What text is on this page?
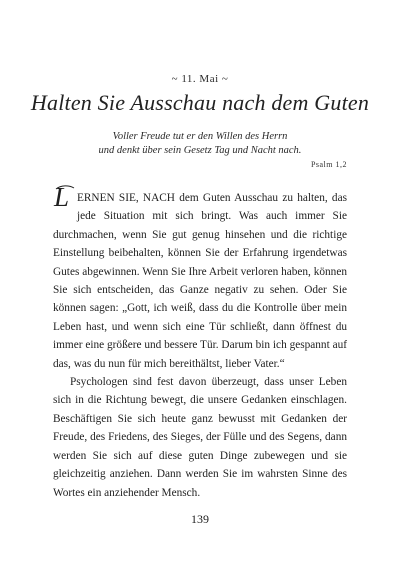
~ 11. Mai ~
Halten Sie Ausschau nach dem Guten
Voller Freude tut er den Willen des Herrn
und denkt über sein Gesetz Tag und Nacht nach.
Psalm 1,2

L ERNEN SIE, NACH dem Guten Ausschau zu halten, das jede Situation mit sich bringt. Was auch immer Sie durchmachen, wenn Sie gut genug hinsehen und die richtige Einstellung beibehalten, können Sie der Erfahrung irgendetwas Gutes abgewinnen. Wenn Sie Ihre Arbeit verloren haben, können Sie sich entscheiden, das Ganze negativ zu sehen. Oder Sie können sagen: „Gott, ich weiß, dass du die Kontrolle über mein Leben hast, und wenn sich eine Tür schließt, dann öffnest du immer eine größere und bessere Tür. Darum bin ich gespannt auf das, was du nun für mich bereithältst, lieber Vater.“

Psychologen sind fest davon überzeugt, dass unser Leben sich in die Richtung bewegt, die unsere Gedanken einschlagen. Beschäftigen Sie sich heute ganz bewusst mit Gedanken der Freude, des Friedens, des Sieges, der Fülle und des Segens, dann werden Sie sich auf diese guten Dinge zubewegen und sie gleichzeitig anziehen. Dann werden Sie im wahrsten Sinne des Wortes ein anziehender Mensch.

139
